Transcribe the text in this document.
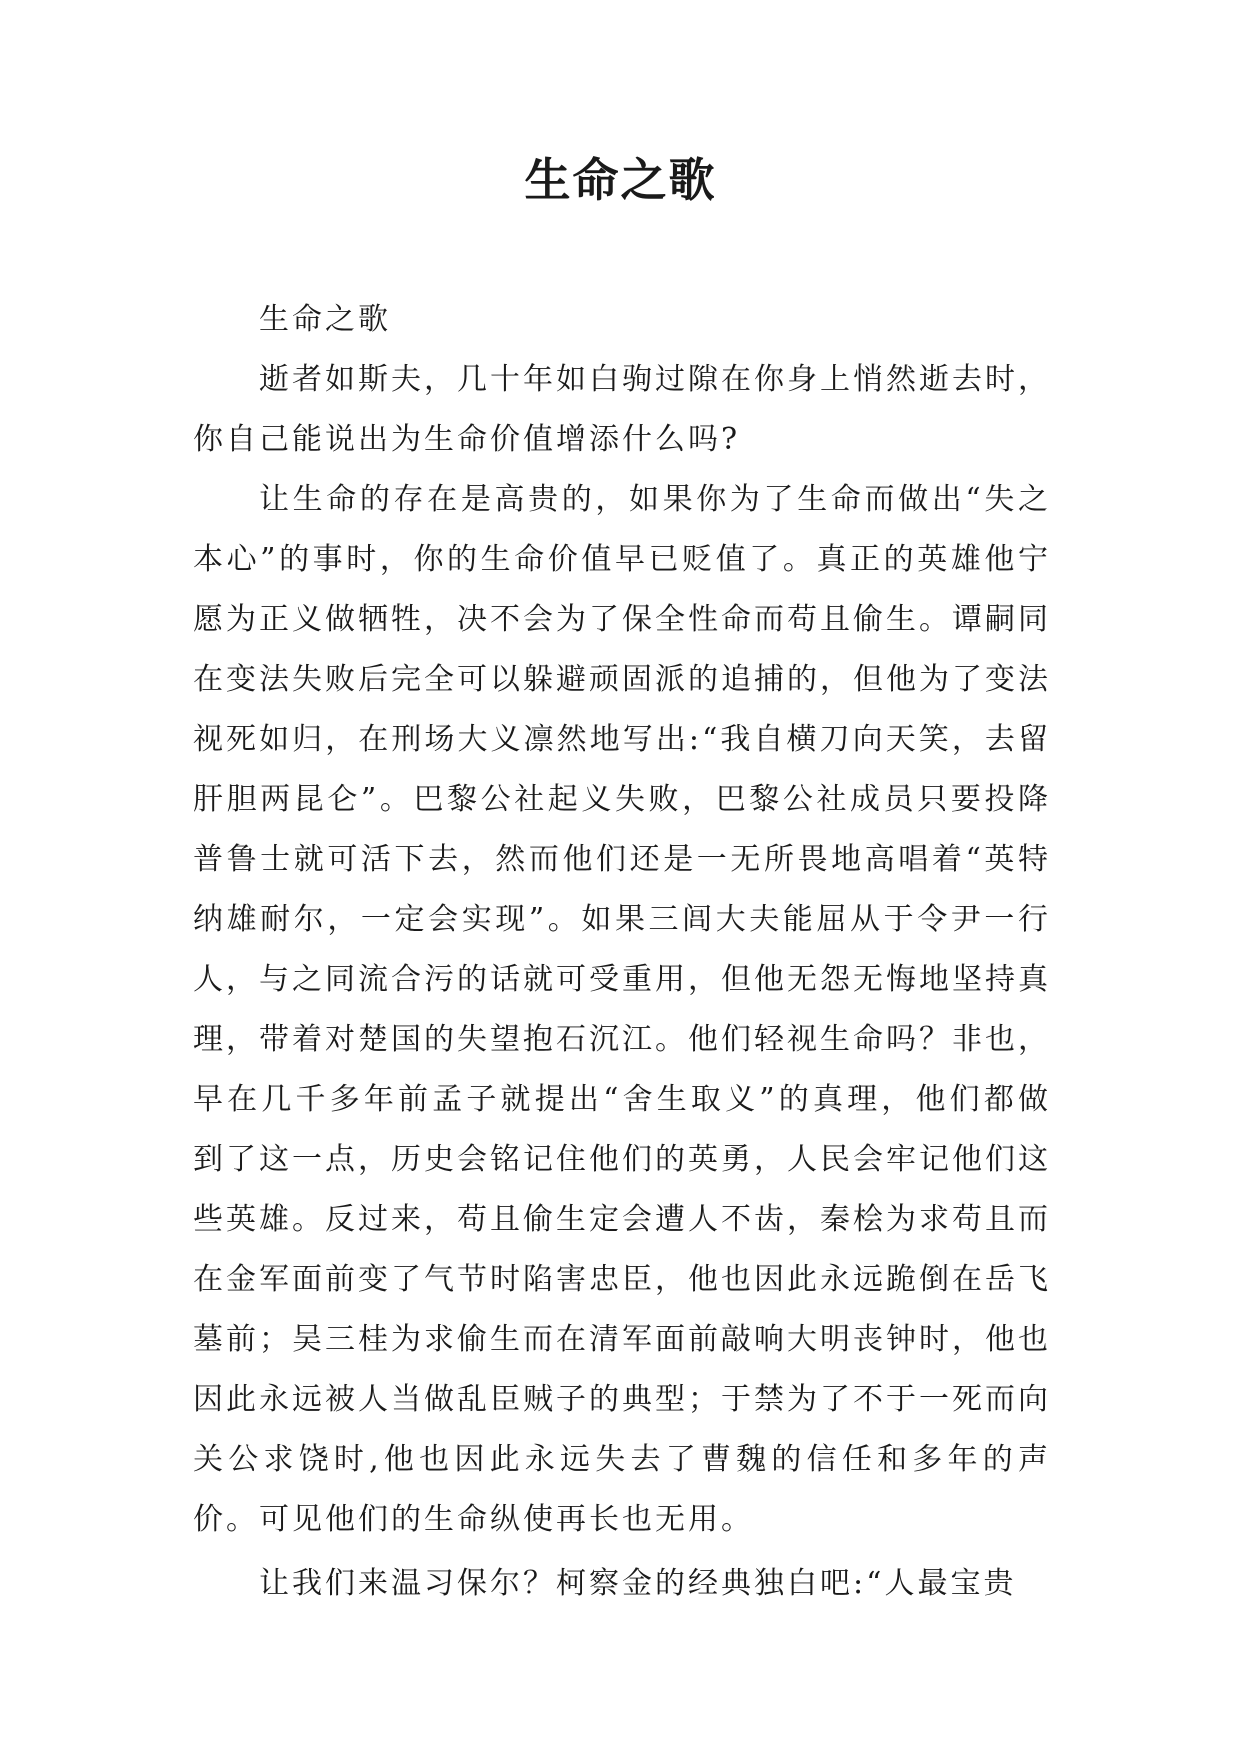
生命之歌

生命之歌

逝者如斯夫，几十年如白驹过隙在你身上悄然逝去时，你自己能说出为生命价值增添什么吗?

让生命的存在是高贵的，如果你为了生命而做出“失之本心”的事时，你的生命价值早已贬值了。真正的英雄他宁愿为正义做牺牲，决不会为了保全性命而苟且偷生。谭嗣同在变法失败后完全可以躲避顽固派的追捕的，但他为了变法视死如归，在刑场大义凛然地写出:“我自横刀向天笑，去留肝胆两昆仑”。巴黎公社起义失败，巴黎公社成员只要投降普鲁士就可活下去，然而他们还是一无所畏地高唱着“英特纳雄耐尔，一定会实现”。如果三闾大夫能屈从于令尹一行人，与之同流合污的话就可受重用，但他无怨无悔地坚持真理，带着对楚国的失望抱石沉江。他们轻视生命吗？非也，早在几千多年前孟子就提出“舍生取义”的真理，他们都做到了这一点，历史会铭记住他们的英勇，人民会牢记他们这些英雄。反过来，苟且偷生定会遭人不齿，秦桧为求苟且而在金军面前变了气节时陷害忠臣，他也因此永远跪倒在岳飞墓前；吴三桂为求偷生而在清军面前敲响大明丧钟时，他也因此永远被人当做乱臣贼子的典型；于禁为了不于一死而向关公求饶时,他也因此永远失去了曹魏的信任和多年的声价。可见他们的生命纵使再长也无用。

让我们来温习保尔？柯察金的经典独白吧:“人最宝贵
